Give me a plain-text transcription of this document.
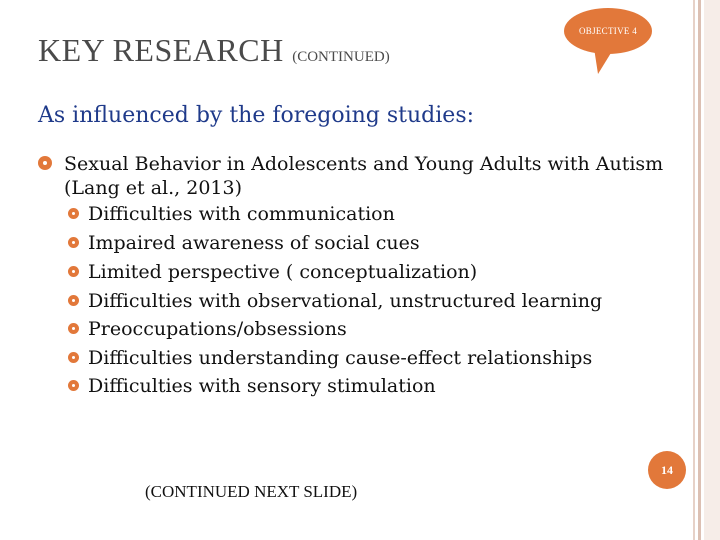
KEY RESEARCH (CONTINUED)
OBJECTIVE 4
As influenced by the foregoing studies:
Sexual Behavior in Adolescents and Young Adults with Autism (Lang et al., 2013)
Difficulties with communication
Impaired awareness of social cues
Limited perspective ( conceptualization)
Difficulties with observational, unstructured learning
Preoccupations/obsessions
Difficulties understanding cause-effect relationships
Difficulties with sensory stimulation
(CONTINUED NEXT SLIDE)
14
